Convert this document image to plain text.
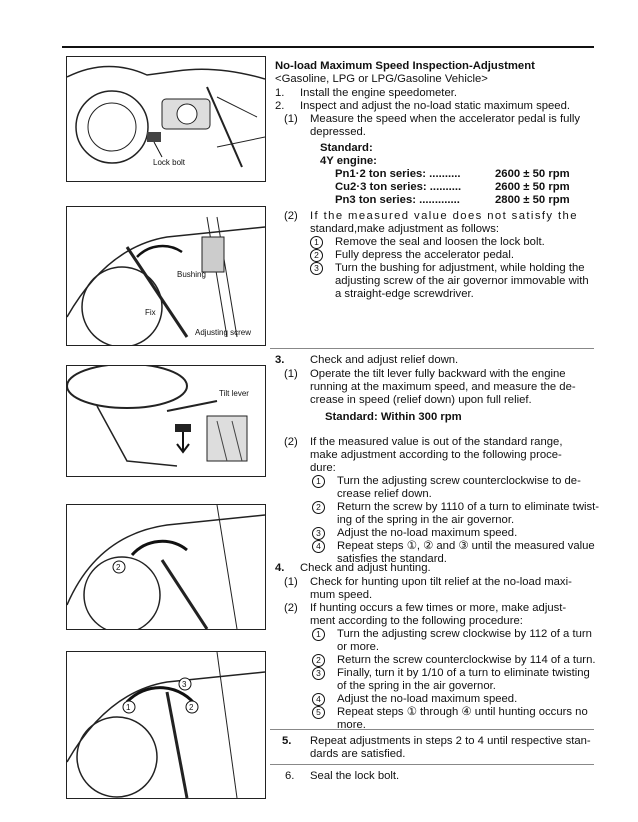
Lock bolt
Bushing
Fix
Adjusting screw
Tilt lever
2
1
3
2
No-load Maximum Speed Inspection-Adjustment
<Gasoline, LPG or LPG/Gasoline Vehicle>
1. Install the engine speedometer.
2. Inspect and adjust the no-load static maximum speed.
(1) Measure the speed when the accelerator pedal is fully
depressed.
Standard:
4Y engine:
Pn1·2 ton series: ..........	2600 ± 50 rpm
Cu2·3 ton series: ..........	2600 ± 50 rpm
Pn3 ton series: .............	2800 ± 50 rpm
(2) If the measured value does not satisfy the
standard,make adjustment as follows:
1	Remove the seal and loosen the lock bolt.
2	Fully depress the accelerator pedal.
3	Turn the bushing for adjustment, while holding the
adjusting screw of the air governor immovable with
a straight-edge screwdriver.
3. Check and adjust relief down.
(1) Operate the tilt lever fully backward with the engine
running at the maximum speed, and measure the de-
crease in speed (relief down) upon full relief.
Standard: Within 300 rpm
(2) If the measured value is out of the standard range,
make adjustment according to the following proce-
dure:
1	Turn the adjusting screw counterclockwise to de-
crease relief down.
2	Return the screw by 1110 of a turn to eliminate twist-
ing of the spring in the air governor.
3	Adjust the no-load maximum speed.
4	Repeat steps ①, ② and ③ until the measured value
satisfies the standard.
4. Check and adjust hunting.
(1) Check for hunting upon tilt relief at the no-load maxi-
mum speed.
(2) If hunting occurs a few times or more, make adjust-
ment according to the following procedure:
1	Turn the adjusting screw clockwise by 112 of a turn
or more.
2	Return the screw counterclockwise by 114 of a turn.
3	Finally, turn it by 1/10 of a turn to eliminate twisting
of the spring in the air governor.
4	Adjust the no-load maximum speed.
5	Repeat steps ① through ④ until hunting occurs no
more.
5. Repeat adjustments in steps 2 to 4 until respective stan-
dards are satisfied.
6. Seal the lock bolt.
